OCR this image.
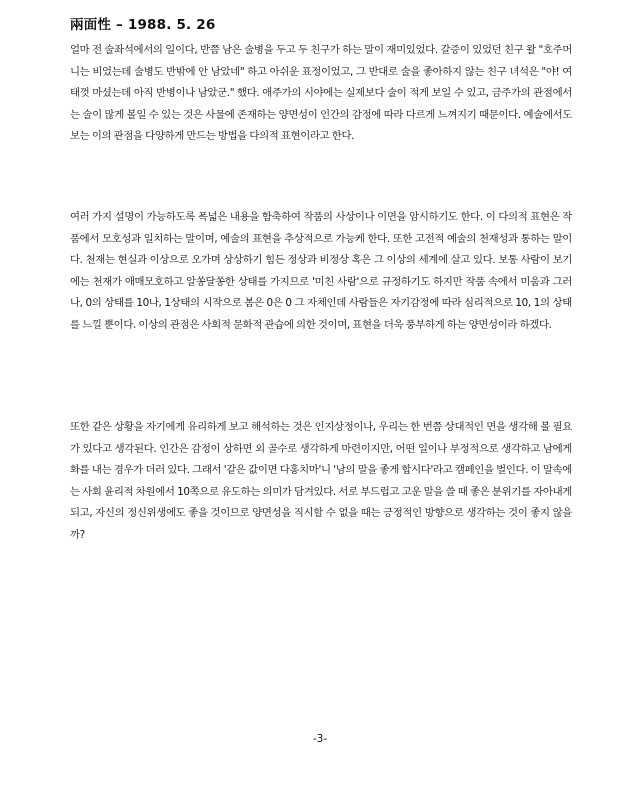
兩面性 – 1988. 5. 26

얼마 전 술좌석에서의 일이다, 반쯤 남은 술병을 두고 두 친구가 하는 말이 재미있었다. 갈증이 있었던 친구 왈 "호주머니는 비었는데 술병도 반밖에 안 남았네" 하고 아쉬운 표정이었고, 그 반대로 술을 좋아하지 않는 친구 녀석은 "야! 여태껏 마셨는데 아직 반병이나 남았군." 했다. 애주가의 시야에는 실제보다 술이 적게 보일 수 있고, 금주가의 관점에서는 술이 많게 볼일 수 있는 것은 사물에 존재하는 양면성이 인간의 감정에 따라 다르게 느껴지기 때문이다. 예술에서도 보는 이의 관점을 다양하게 만드는 방법을 다의적 표현이라고 한다.

여러 가지 설명이 가능하도록 폭넓은 내용을 함축하여 작품의 사상이나 이면을 암시하기도 한다. 이 다의적 표현은 작품에서 모호성과 일치하는 말이며, 예술의 표현을 추상적으로 가능케 한다. 또한 고전적 예술의 천재성과 통하는 말이다. 천재는 현실과 이상으로 오가며 상상하기 힘든 정상과 비정상 혹은 그 이상의 세계에 살고 있다. 보통 사람이 보기에는 천재가 애매모호하고 알쏭달쏭한 상태를 가지므로 '미친 사람'으로 규정하기도 하지만 작품 속에서 미움과 그러나, 0의 상태를 10나, 1상태의 시작으로 봄은 0은 0 그 자체인데 사람들은 자기감정에 따라 심리적으로 10, 1의 상태를 느낄 뿐이다. 이상의 관점은 사회적 문화적 관습에 의한 것이며, 표현을 더욱 풍부하게 하는 양면성이라 하겠다.

또한 같은 상황을 자기에게 유리하게 보고 해석하는 것은 인지상정이나, 우리는 한 번쯤 상대적인 면을 생각해 볼 필요가 있다고 생각된다. 인간은 감정이 상하면 외 골수로 생각하게 마련이지만, 어떤 일이나 부정적으로 생각하고 남에게 화를 내는 경우가 더러 있다. 그래서 '같은 값이면 다홍치마'니 '남의 말을 좋게 합시다'라고 캠페인을 벌인다. 이 말속에는 사회 윤리적 차원에서 10쪽으로 유도하는 의미가 담겨있다. 서로 부드럽고 고운 말을 쓸 때 좋은 분위기를 자아내게 되고, 자신의 정신위생에도 좋을 것이므로 양면성을 직시할 수 없을 때는 긍정적인 방향으로 생각하는 것이 좋지 않을까?

-3-
